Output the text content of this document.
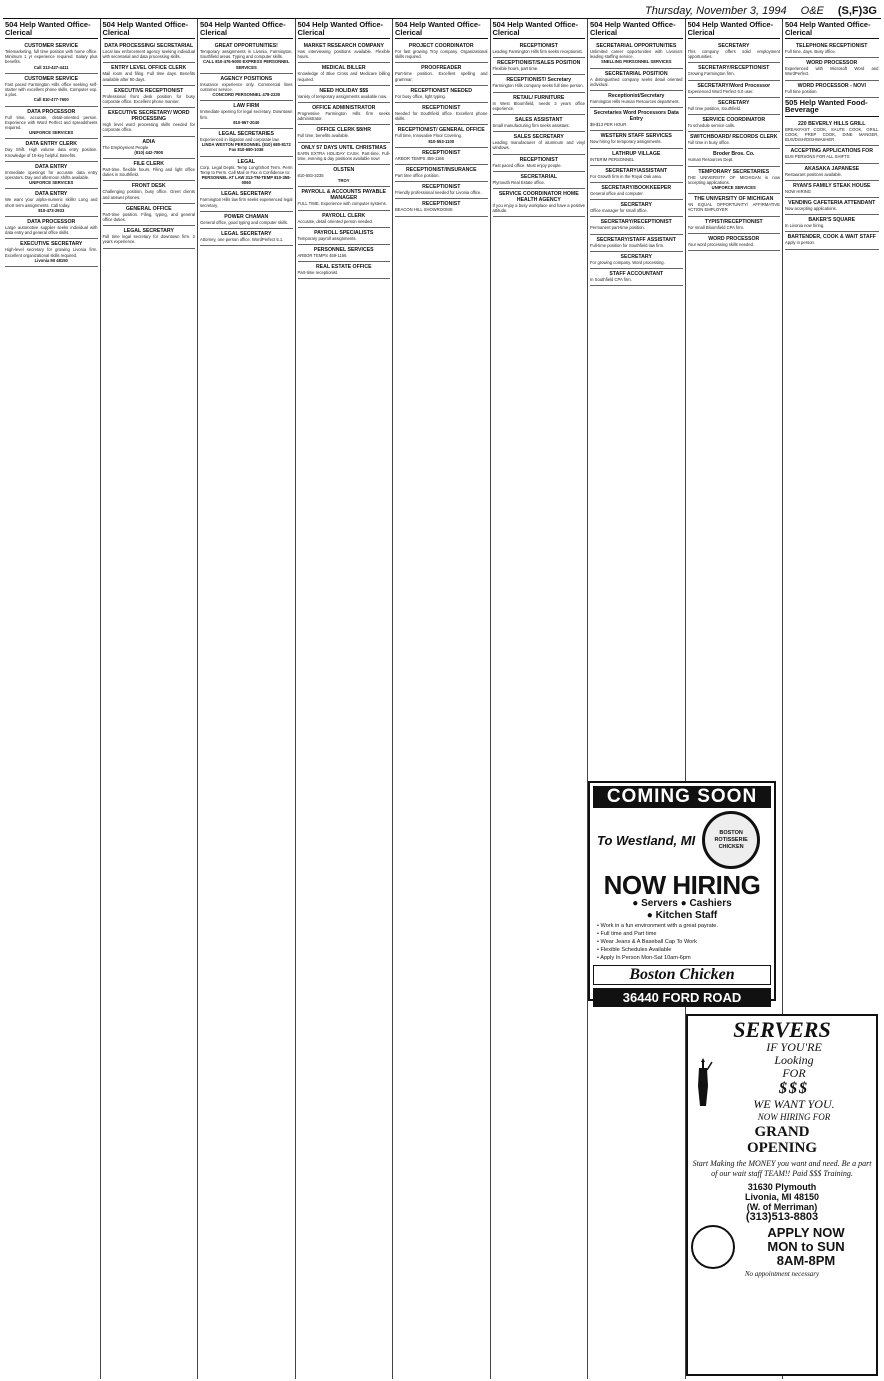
Thursday, November 3, 1994 O&E (S,F)3G
504 Help Wanted Office-Clerical
CUSTOMER SERVICE
Telemarketing, full time position with home office. Minimum 1 yr experience required. Salary plus benefits.
Call 313-427-4411
CUSTOMER SERVICE
Fast paced Farmington Hills office seeking self-starter with excellent phone skills. Computer exp. a plus.
Call 810-477-7600
DATA PROCESSOR
Full time, accurate, detail-oriented person. Experience with Word Perfect and spreadsheets required.
UNIFORCE SERVICES
DATA ENTRY CLERK
Day Shift. High volume data entry position. Knowledge of 10-key helpful. Benefits.
DATA ENTRY
Immediate openings for accurate data entry operators. Day and afternoon shifts available.
UNIFORCE SERVICES
DATA ENTRY
We want your alpha-numeric skills! Long and short term assignments. Call today.
810-473-2933
DATA PROCESSOR
Large automotive supplier seeks individual with data entry and general office skills.
EXECUTIVE SECRETARY
High-level secretary for growing Livonia firm. Excellent organizational skills required.
Livonia MI 48150
504 Help Wanted Office-Clerical
DATA PROCESSING/ SECRETARIAL
Local law enforcement agency seeking individual with secretarial and data processing skills.
ENTRY LEVEL OFFICE CLERK
Mail room and filing. Full time days. Benefits available after 90 days.
EXECUTIVE RECEPTIONIST
Professional front desk position for busy corporate office. Excellent phone manner.
EXECUTIVE SECRETARY/ WORD PROCESSING
High level word processing skills needed for corporate office.
ADIA
The Employment People
(810) 442-7800
FILE CLERK
Part-time, flexible hours. Filing and light office duties in Southfield.
FRONT DESK
Challenging position, busy office. Greet clients and answer phones.
GENERAL OFFICE
Part-time position. Filing, typing, and general office duties.
LEGAL SECRETARY
Full time legal secretary for downtown firm. 2 years experience.
504 Help Wanted Office-Clerical
GREAT OPPORTUNITIES!
Temporary assignments in Livonia, Farmington, Southfield areas. Typing and computer skills.
CALL 810-476-5000 EXPRESS PERSONNEL SERVICES
AGENCY POSITIONS
Insurance experience only. Commercial lines customer service.
CONCORD PERSONNEL 478-2230
LAW FIRM
Immediate opening for legal secretary. Downtown firm.
810-967-2040
LEGAL SECRETARIES
Experienced in litigation and corporate law.
LINDA WESTON PERSONNEL (810) 680-8172 Fax 810-680-1036
LEGAL
Corp. Legal Depts. Temp Long/Short Term. Perm Temp to Perm. Call Mail or Fax in Confidence to:
PERSONNEL AT LAW 313-TM-TEMP 810-358-0060
LEGAL SECRETARY
Farmington Hills law firm seeks experienced legal secretary.
POWER CHAMAN
General office, good typing and computer skills.
LEGAL SECRETARY
Attorney, one person office. WordPerfect 5.1.
504 Help Wanted Office-Clerical
MARKET RESEARCH COMPANY
Has interviewing positions available. Flexible hours.
MEDICAL BILLER
Knowledge of Blue Cross and Medicare billing required.
NEED HOLIDAY $$$
Variety of temporary assignments available now.
OFFICE ADMINISTRATOR
Progressive Farmington Hills firm seeks administrator.
OFFICE CLERK $8/HR
Full time, benefits available.
ONLY 57 DAYS UNTIL CHRISTMAS
EARN EXTRA HOLIDAY CASH. Part-time, Full-time, evening & day positions available now!
OLSTEN
810-583-3235
TROY
PAYROLL & ACCOUNTS PAYABLE MANAGER
FULL TIME. Experience with computer systems.
PAYROLL CLERK
Accurate, detail oriented person needed.
PAYROLL SPECIALISTS
Temporary payroll assignments.
PERSONNEL SERVICES
ARBOR TEMPS 459-1166
REAL ESTATE OFFICE
Part-time receptionist.
504 Help Wanted Office-Clerical
PROJECT COORDINATOR
For fast growing Troy company. Organizational skills required.
PROOFREADER
Part-time position. Excellent spelling and grammar.
RECEPTIONIST NEEDED
For busy office, light typing.
RECEPTIONIST
Needed for Southfield office. Excellent phone skills.
RECEPTIONIST/ GENERAL OFFICE
Full time, Innovative Floor Covering.
810-553-1100
RECEPTIONIST
ARBOR TEMPS 459-1166
RECEPTIONIST/INSURANCE
Part time office position.
RECEPTIONIST
Friendly professional needed for Livonia office.
RECEPTIONIST
BEACON HILL SHOWROOMS
504 Help Wanted Office-Clerical
RECEPTIONIST
Leading Farmington Hills firm seeks receptionist.
RECEPTIONIST/SALES POSITION
Flexible hours, part time.
RECEPTIONIST/ Secretary
Farmington Hills company seeks full time person.
RETAIL/ FURNITURE
In West Bloomfield, needs 3 years office experience.
SALES ASSISTANT
Small manufacturing firm seeks assistant.
SALES SECRETARY
Leading manufacturer of aluminum and vinyl windows.
RECEPTIONIST
Fast paced office. Must enjoy people.
SECRETARIAL
Plymouth Real Estate office.
SERVICE COORDINATOR HOME HEALTH AGENCY
If you enjoy a busy workplace and have a positive attitude.
504 Help Wanted Office-Clerical
SECRETARIAL OPPORTUNITIES
Unlimited career opportunities with Livonia's leading staffing service.
SNELLING PERSONNEL SERVICES
SECRETARIAL POSITION
A distinguished company seeks detail oriented individual.
Receptionist/Secretary
Farmington Hills Human Resources department.
Secretaries Word Processors Data Entry
$9-$13 PER HOUR
WESTERN STAFF SERVICES
Now hiring for temporary assignments.
LATHRUP VILLAGE
INTERIM PERSONNEL
SECRETARY/ASSISTANT
For Growth firm in the Royal Oak area.
SECRETARY/BOOKKEEPER
General office and computer.
SECRETARY
Office manager for small office.
SECRETARY/RECEPTIONIST
Permanent part-time position.
SECRETARY/STAFF ASSISTANT
Full-time position for Southfield law firm.
SECRETARY
For growing company. Word processing.
STAFF ACCOUNTANT
In Southfield CPA firm.
504 Help Wanted Office-Clerical
SECRETARY
This company offers solid employment opportunities.
SECRETARY/RECEPTIONIST
Growing Farmington firm.
SECRETARY/Word Processor
Experienced Word Perfect 6.0 user.
SECRETARY
Full time position, Southfield.
SERVICE COORDINATOR
To schedule service calls.
SWITCHBOARD/ RECORDS CLERK
Full time in busy office.
Broder Bros. Co.
Human Resources Dept.
TEMPORARY SECRETARIES
THE UNIVERSITY OF MICHIGAN is now accepting applications.
UNIFORCE SERVICES
THE UNIVERSITY OF MICHIGAN
AN EQUAL OPPORTUNITY/ AFFIRMATIVE ACTION EMPLOYER
TYPIST/RECEPTIONIST
For small Bloomfield CPA firm.
WORD PROCESSOR
Your word processing skills needed.
504 Help Wanted Office-Clerical
TELEPHONE RECEPTIONIST
Full time, days. Busy office.
WORD PROCESSOR
Experienced with Microsoft Word and WordPerfect.
WORD PROCESSOR - NOVI
Full time position.
505 Help Wanted Food-Beverage
220 BEVERLY HILLS GRILL
BREAKFAST COOK, SAUTE COOK, GRILL COOK, PREP COOK, DINE MANGER, BUS/DISH/DISHWASHER
ACCEPTING APPLICATIONS FOR
BUS PERSONS FOR ALL SHIFTS
AKASAKA JAPANESE
Restaurant positions available.
RYAN'S FAMILY STEAK HOUSE
NOW HIRING
VENDING CAFETERIA ATTENDANT
Now accepting applications.
BAKER'S SQUARE
In Livonia now hiring.
BARTENDER, COOK & WAIT STAFF
Apply in person.
COMING SOON
To Westland, MI	BOSTON ROTISSERIE CHICKEN
NOW HIRING
● Servers ● Cashiers
● Kitchen Staff
• Work in a fun environment with a great payrate.
• Full time and Part time
• Wear Jeans & A Baseball Cap To Work
• Flexible Schedules Available
• Apply In Person Mon-Sat 10am-6pm
Boston Chicken
36440 FORD ROAD
SERVERS
IF YOU'RE
Looking
FOR
$$$
WE WANT YOU.
NOW HIRING FOR
GRAND
OPENING
Start Making the MONEY you want and need. Be a part of our wait staff TEAM!! Paid $$$ Training.
31630 Plymouth
Livonia, MI 48150
(W. of Merriman)
(313)513-8803
APPLY NOW
MON to SUN
8AM-8PM
No appointment necessary
